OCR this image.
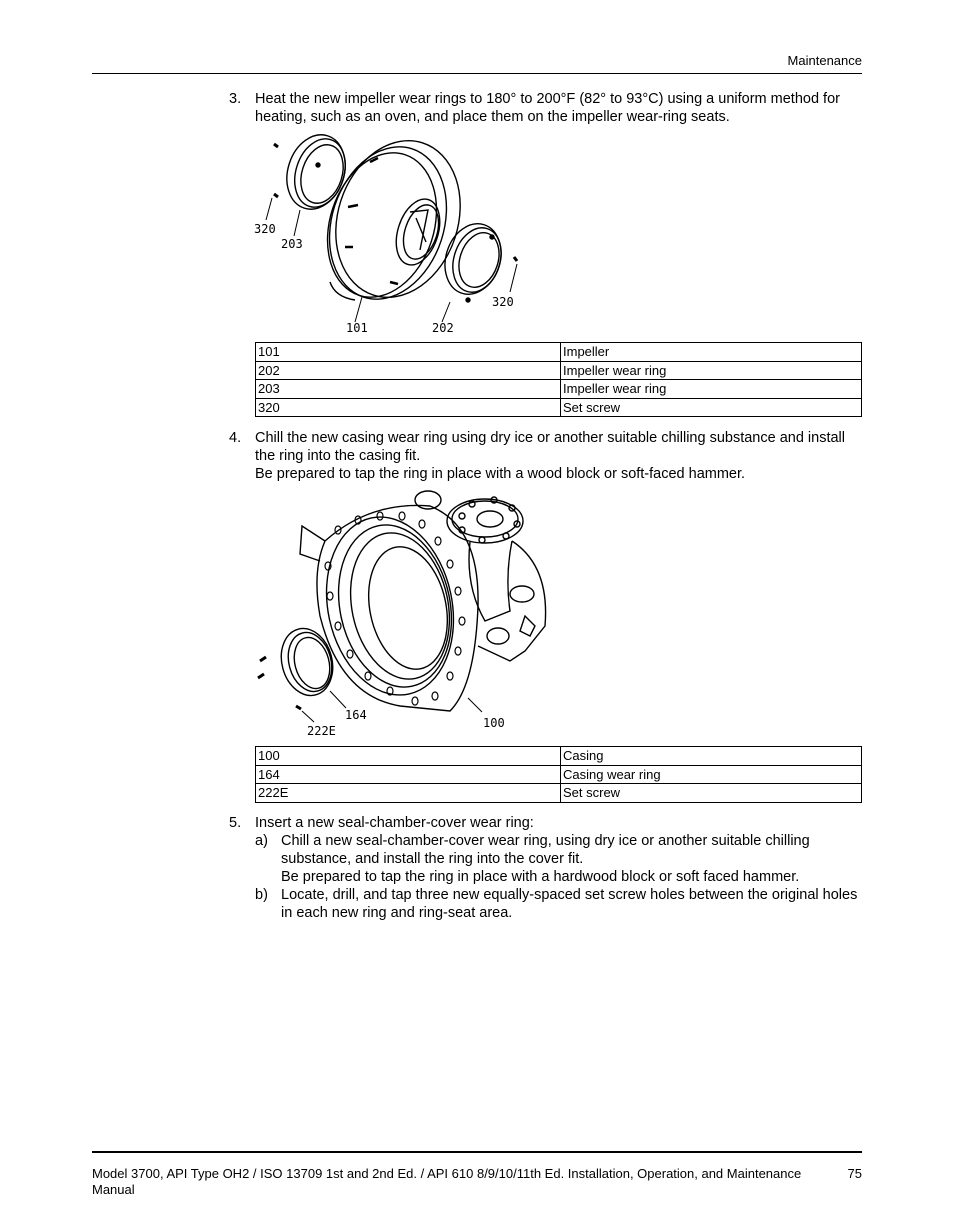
Maintenance
3. Heat the new impeller wear rings to 180° to 200°F (82° to 93°C) using a uniform method for heating, such as an oven, and place them on the impeller wear-ring seats.

320
203
101	202
320
101	Impeller
202	Impeller wear ring
203	Impeller wear ring
320	Set screw
4. Chill the new casing wear ring using dry ice or another suitable chilling substance and install the ring into the casing fit.

Be prepared to tap the ring in place with a wood block or soft-faced hammer.

164
222E
100
100	Casing
164	Casing wear ring
222E	Set screw
5. Insert a new seal-chamber-cover wear ring:

a) Chill a new seal-chamber-cover wear ring, using dry ice or another suitable chilling substance, and install the ring into the cover fit.

Be prepared to tap the ring in place with a hardwood block or soft faced hammer.

b) Locate, drill, and tap three new equally-spaced set screw holes between the original holes in each new ring and ring-seat area.

Model 3700, API Type OH2 / ISO 13709 1st and 2nd Ed. / API 610 8/9/10/11th Ed. Installation, Operation, and Maintenance Manual
75
